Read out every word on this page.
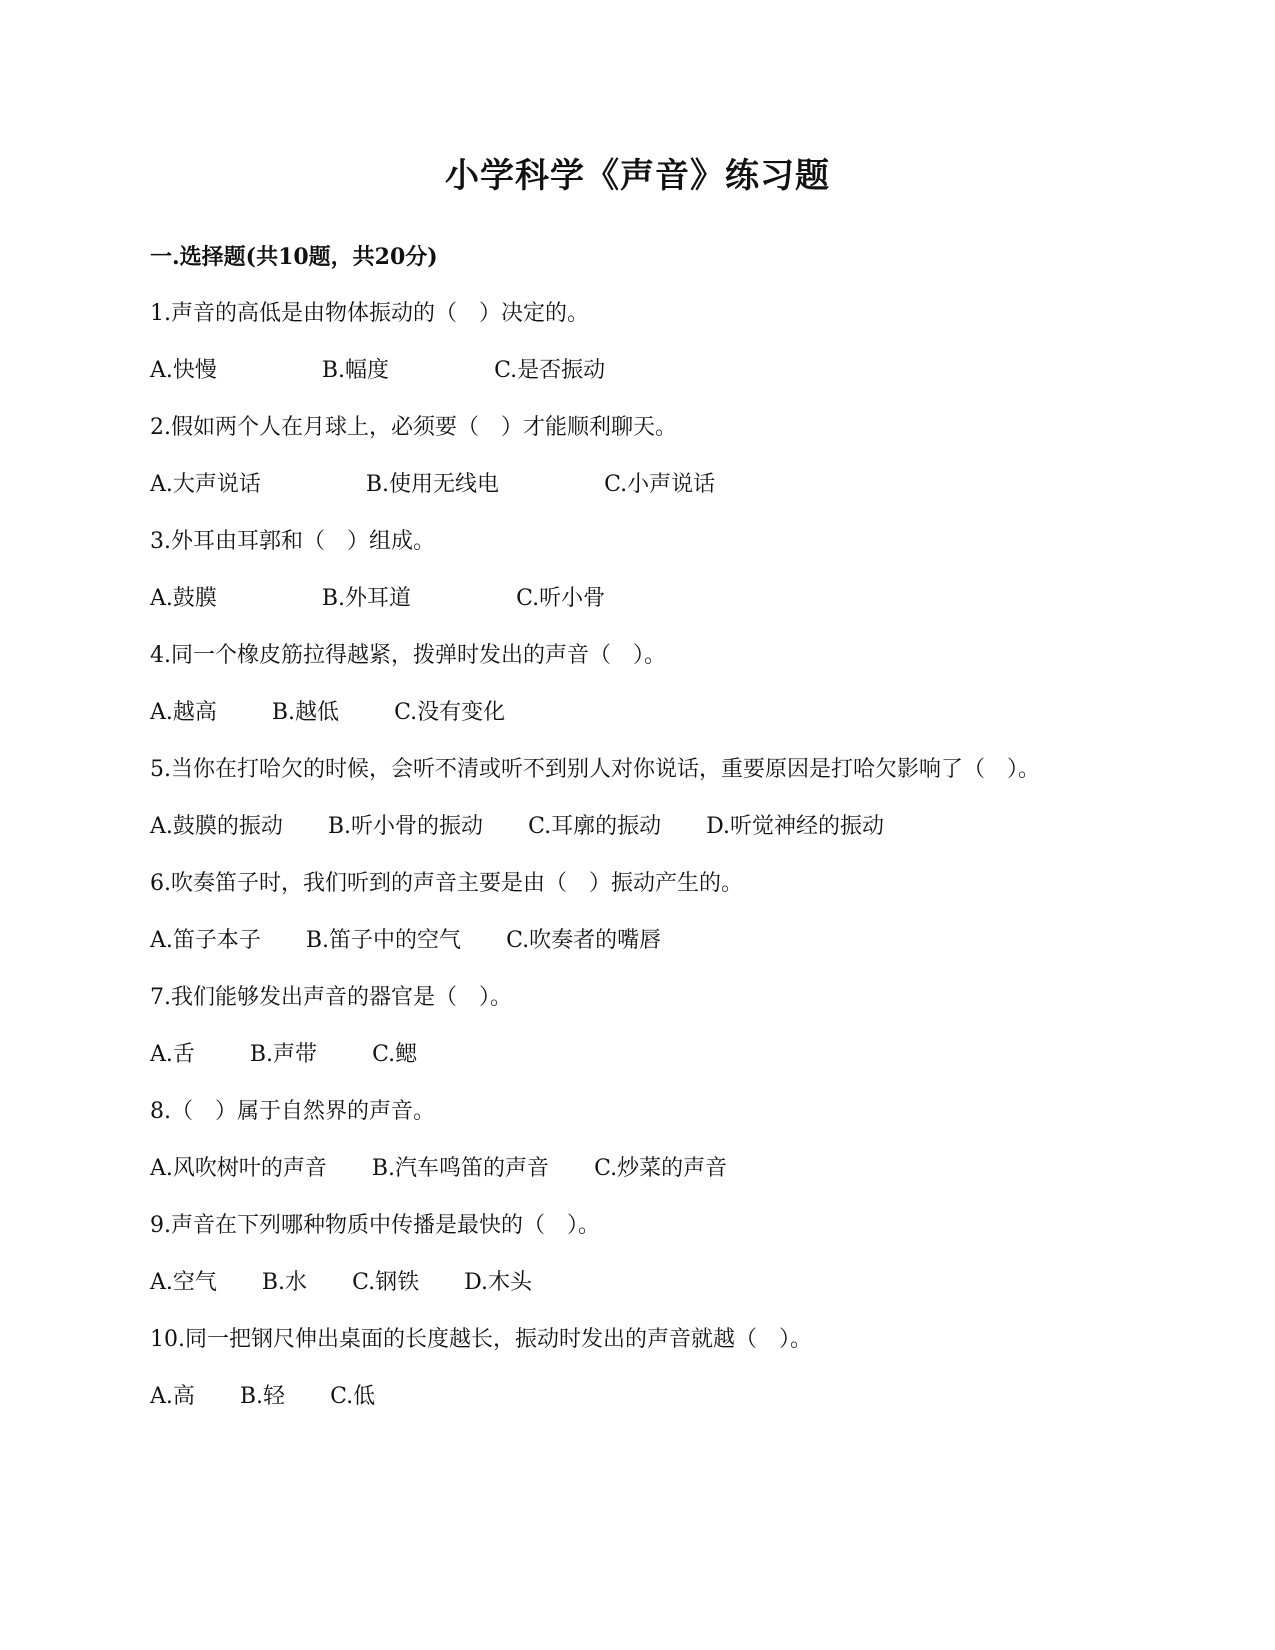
小学科学《声音》练习题
一.选择题(共10题，共20分)
1.声音的高低是由物体振动的（　）决定的。
A.快慢	B.幅度	C.是否振动
2.假如两个人在月球上，必须要（　）才能顺利聊天。
A.大声说话	B.使用无线电	C.小声说话
3.外耳由耳郭和（　）组成。
A.鼓膜	B.外耳道	C.听小骨
4.同一个橡皮筋拉得越紧，拨弹时发出的声音（　）。
A.越高	B.越低	C.没有变化
5.当你在打哈欠的时候，会听不清或听不到别人对你说话，重要原因是打哈欠影响了（　）。
A.鼓膜的振动 B.听小骨的振动 C.耳廓的振动 D.听觉神经的振动
6.吹奏笛子时，我们听到的声音主要是由（　）振动产生的。
A.笛子本子 B.笛子中的空气 C.吹奏者的嘴唇
7.我们能够发出声音的器官是（　）。
A.舌	B.声带	C.鳃
8.（　）属于自然界的声音。
A.风吹树叶的声音 B.汽车鸣笛的声音 C.炒菜的声音
9.声音在下列哪种物质中传播是最快的（　）。
A.空气 B.水 C.钢铁 D.木头
10.同一把钢尺伸出桌面的长度越长，振动时发出的声音就越（　）。
A.高 B.轻 C.低
